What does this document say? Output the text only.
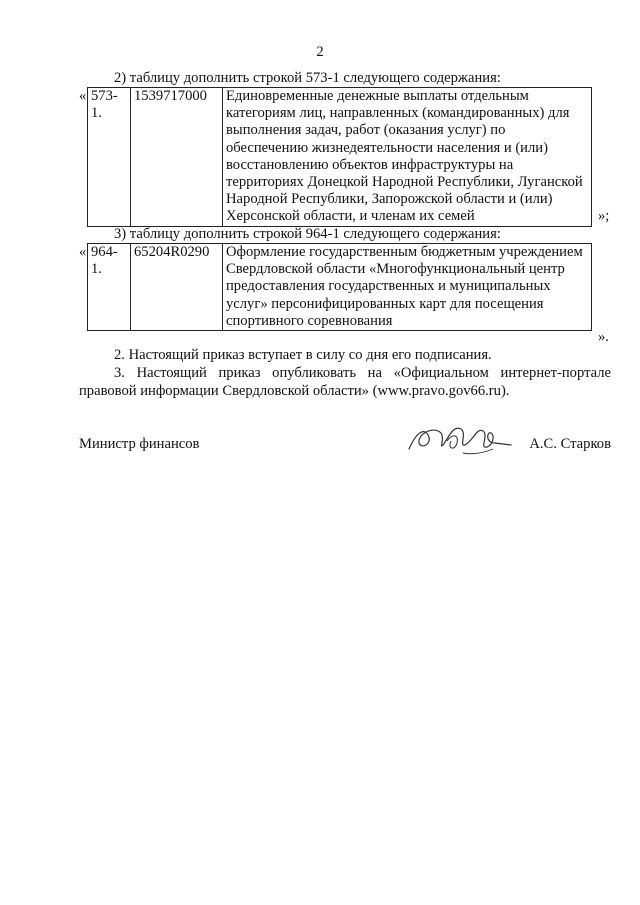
2
2) таблицу дополнить строкой 573-1 следующего содержания:
« 573-1.	1539717000	Единовременные денежные выплаты отдельным категориям лиц, направленных (командированных) для выполнения задач, работ (оказания услуг) по обеспечению жизнедеятельности населения и (или) восстановлению объектов инфраструктуры на территориях Донецкой Народной Республики, Луганской Народной Республики, Запорожской области и (или) Херсонской области, и членам их семей	»;
3) таблицу дополнить строкой 964-1 следующего содержания:
« 964-1.	65204R0290	Оформление государственным бюджетным учреждением Свердловской области «Многофункциональный центр предоставления государственных и муниципальных услуг» персонифицированных карт для посещения спортивного соревнования
».
2. Настоящий приказ вступает в силу со дня его подписания.
3. Настоящий приказ опубликовать на «Официальном интернет-портале правовой информации Свердловской области» (www.pravo.gov66.ru).
Министр финансов	А.С. Старков
